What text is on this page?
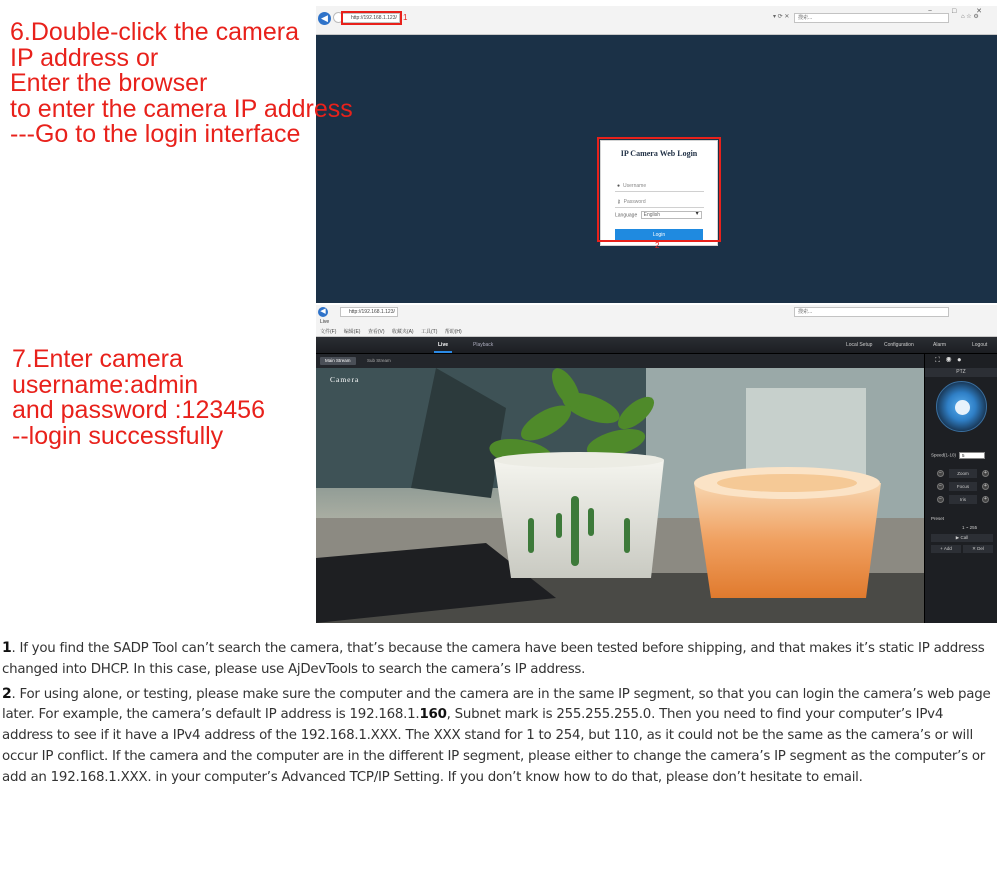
6.Double-click the camera
IP address or
Enter the browser
to enter the camera IP address
---Go to the login interface
◀	http://192.168.1.123/ 1	▾ ⟳ ✕	搜索...	⌂ ☆ ⚙
− □ ✕
IP Camera Web Login
● Username
⚷ Password
Language English ▾
Login
2
7.Enter camera
username:admin
and password :123456
--login successfully
◀	http://192.168.1.123/	搜索...
Live
文件(F) 编辑(E) 查看(V) 收藏夹(A) 工具(T) 帮助(H)
Live	Playback	Local Setup Configuration	Alarm	Logout
Main Stream	Sub Stream
Camera
⛶◉⏺
PTZ
Speed(1-10) 5
−	Zoom	+
−	Focus	+
−	Iris	+
Preset
1 ~ 255
▶ Call
+ Add	✕ Del

1. If you find the SADP Tool can’t search the camera, that’s because the camera have been tested before shipping, and that makes it’s static IP address changed into DHCP. In this case, please use AjDevTools to search the camera’s IP address.

2. For using alone, or testing, please make sure the computer and the camera are in the same IP segment, so that you can login the camera’s web page later. For example, the camera’s default IP address is 192.168.1.160, Subnet mark is 255.255.255.0. Then you need to find your computer’s IPv4 address to see if it have a IPv4 address of the 192.168.1.XXX. The XXX stand for 1 to 254, but 110, as it could not be the same as the camera’s or will occur IP conflict. If the camera and the computer are in the different IP segment, please either to change the camera’s IP segment as the computer’s or add an 192.168.1.XXX. in your computer’s Advanced TCP/IP Setting. If you don’t know how to do that, please don’t hesitate to email.
